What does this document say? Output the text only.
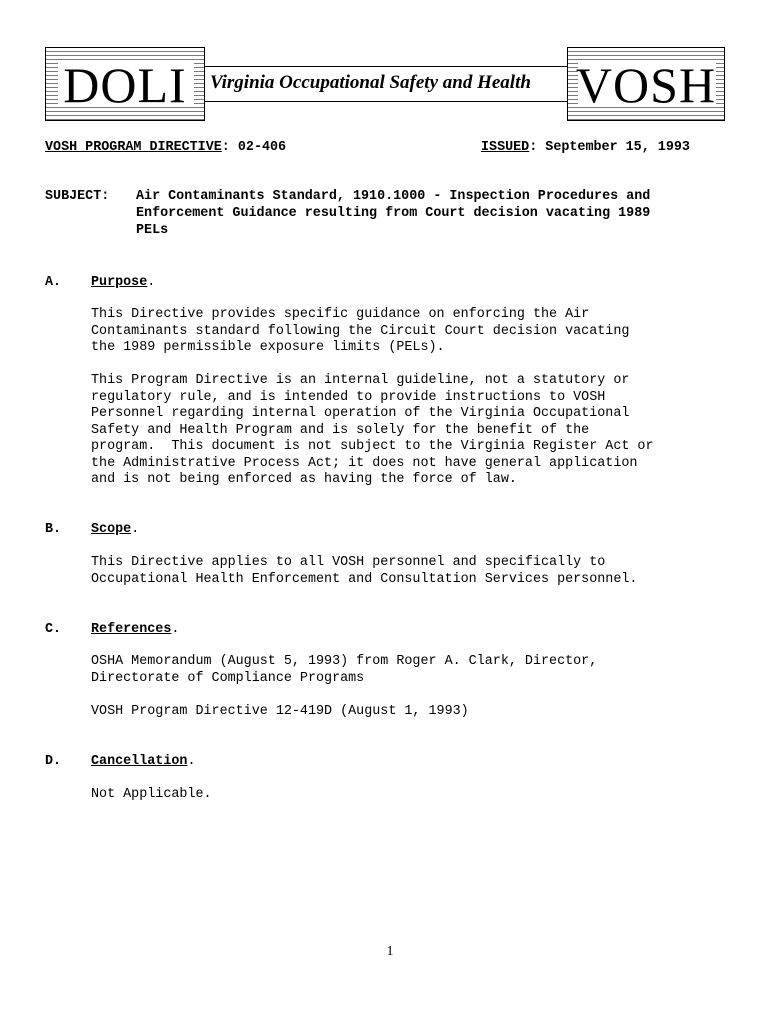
DOLI	Virginia Occupational Safety and Health VOSH
VOSH PROGRAM DIRECTIVE: 02-406	ISSUED: September 15, 1993
SUBJECT: Air Contaminants Standard, 1910.1000 - Inspection Procedures and
Enforcement Guidance resulting from Court decision vacating 1989
PELs
A. Purpose.
This Directive provides specific guidance on enforcing the Air
Contaminants standard following the Circuit Court decision vacating
the 1989 permissible exposure limits (PELs).
This Program Directive is an internal guideline, not a statutory or
regulatory rule, and is intended to provide instructions to VOSH
Personnel regarding internal operation of the Virginia Occupational
Safety and Health Program and is solely for the benefit of the
program.  This document is not subject to the Virginia Register Act or
the Administrative Process Act; it does not have general application
and is not being enforced as having the force of law.
B. Scope.
This Directive applies to all VOSH personnel and specifically to
Occupational Health Enforcement and Consultation Services personnel.
C. References.
OSHA Memorandum (August 5, 1993) from Roger A. Clark, Director,
Directorate of Compliance Programs
VOSH Program Directive 12-419D (August 1, 1993)
D. Cancellation.
Not Applicable.
1
